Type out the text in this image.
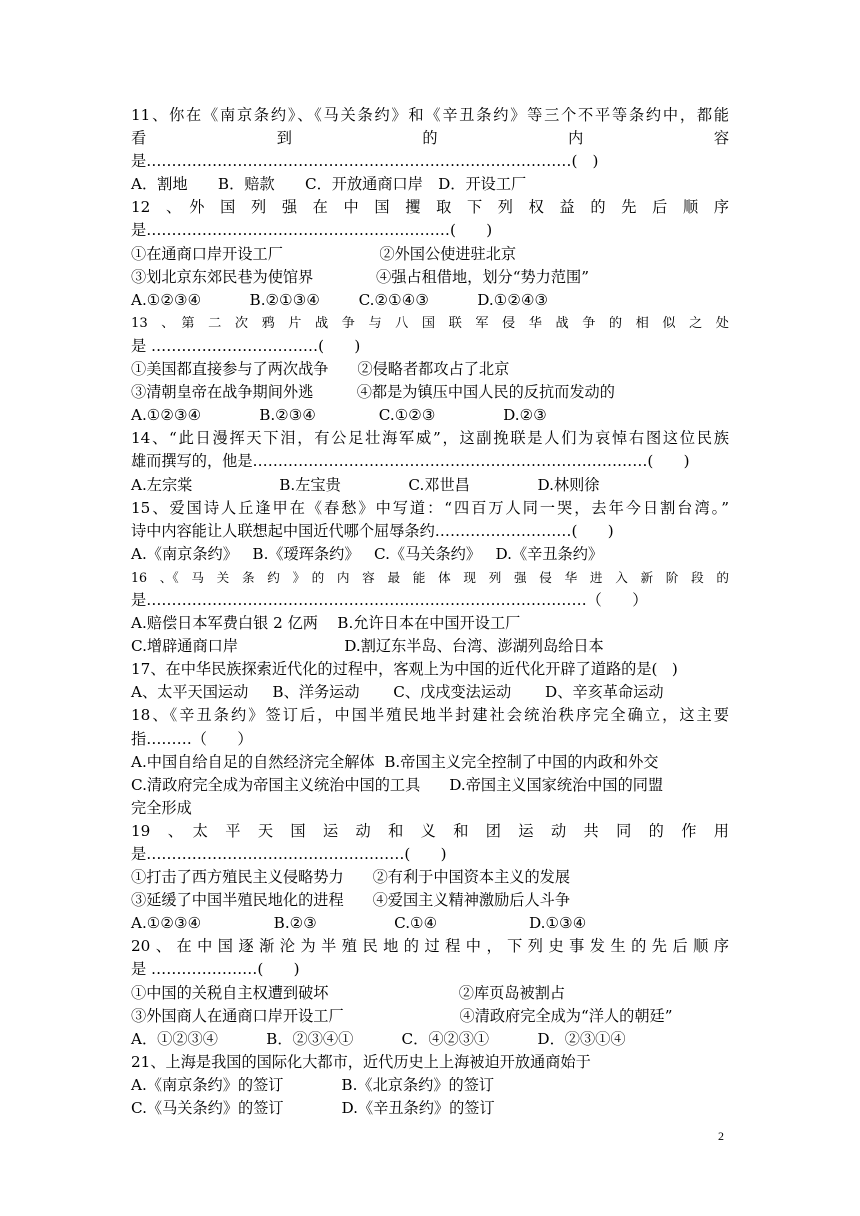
11、你在《南京条约》、《马关条约》和《辛丑条约》等三个不平等条约中，都能
看　　　　到　　　　的　　　　内　　　　容
是…………………………………………………………………………(　)
A．割地　　B．赔款　　C．开放通商口岸　D．开设工厂
12　、　外　国　列　强　在　中　国　攫　取　下　列　权　益　的　先　后　顺　序
是……………………………………………………(　　)
①在通商口岸开设工厂                    ②外国公使进驻北京
③划北京东郊民巷为使馆界             ④强占租借地，划分“势力范围”
A.①②③④          B.②①③④        C.②①④③          D.①②④③
13　、　第　二　次　鸦　片　战　争　与　八　国　联　军　侵　华　战　争　的　相　似　之　处
是 ……………………………(　　)
①美国都直接参与了两次战争      ②侵略者都攻占了北京
③清朝皇帝在战争期间外逃         ④都是为镇压中国人民的反抗而发动的
A.①②③④            B.②③④             C.①②③              D.②③
14、“此日漫挥天下泪，有公足壮海军威”，这副挽联是人们为哀悼右图这位民族
雄而撰写的，他是……………………………………………………………………(　　)
A.左宗棠                  B.左宝贵              C.邓世昌              D.林则徐
15、爱国诗人丘逢甲在《春愁》中写道：“四百万人同一哭，去年今日割台湾。”
诗中内容能让人联想起中国近代哪个屈辱条约………………………(　　)
A.《南京条约》   B.《瑷珲条约》   C.《马关条约》   D.《辛丑条约》
16　、《　马　关　条　约　》　的　内　容　最　能　体　现　列　强　侵　华　进　入　新　阶　段　的
是……………………………………………………………………………（　　）
A.赔偿日本军费白银 2 亿两    B.允许日本在中国开设工厂
C.增辟通商口岸                      D.割辽东半岛、台湾、澎湖列岛给日本
17、在中华民族探索近代化的过程中，客观上为中国的近代化开辟了道路的是(   )
A、太平天国运动     B、洋务运动       C、戊戌变法运动       D、辛亥革命运动
18、《辛丑条约》签订后，中国半殖民地半封建社会统治秩序完全确立，这主要
指………（　　）
A.中国自给自足的自然经济完全解体  B.帝国主义完全控制了中国的内政和外交
C.清政府完全成为帝国主义统治中国的工具      D.帝国主义国家统治中国的同盟
完全形成
19　、　太　平　天　国　运　动　和　义　和　团　运　动　共　同　的　作　用
是……………………………………………(　　)
①打击了西方殖民主义侵略势力      ②有利于中国资本主义的发展
③延缓了中国半殖民地化的进程      ④爱国主义精神激励后人斗争
A.①②③④               B.②③                C.①④                   D.①③④
20、在中国逐渐沦为半殖民地的过程中，下列史事发生的先后顺序
是 …………………(　　)
①中国的关税自主权遭到破坏                           ②库页岛被割占
③外国商人在通商口岸开设工厂                        ④清政府完全成为“洋人的朝廷”
A．①②③④          B．②③④①          C．④②③①          D．②③①④
21、上海是我国的国际化大都市，近代历史上上海被迫开放通商始于
A.《南京条约》的签订            B.《北京条约》的签订
C.《马关条约》的签订            D.《辛丑条约》的签订
2
